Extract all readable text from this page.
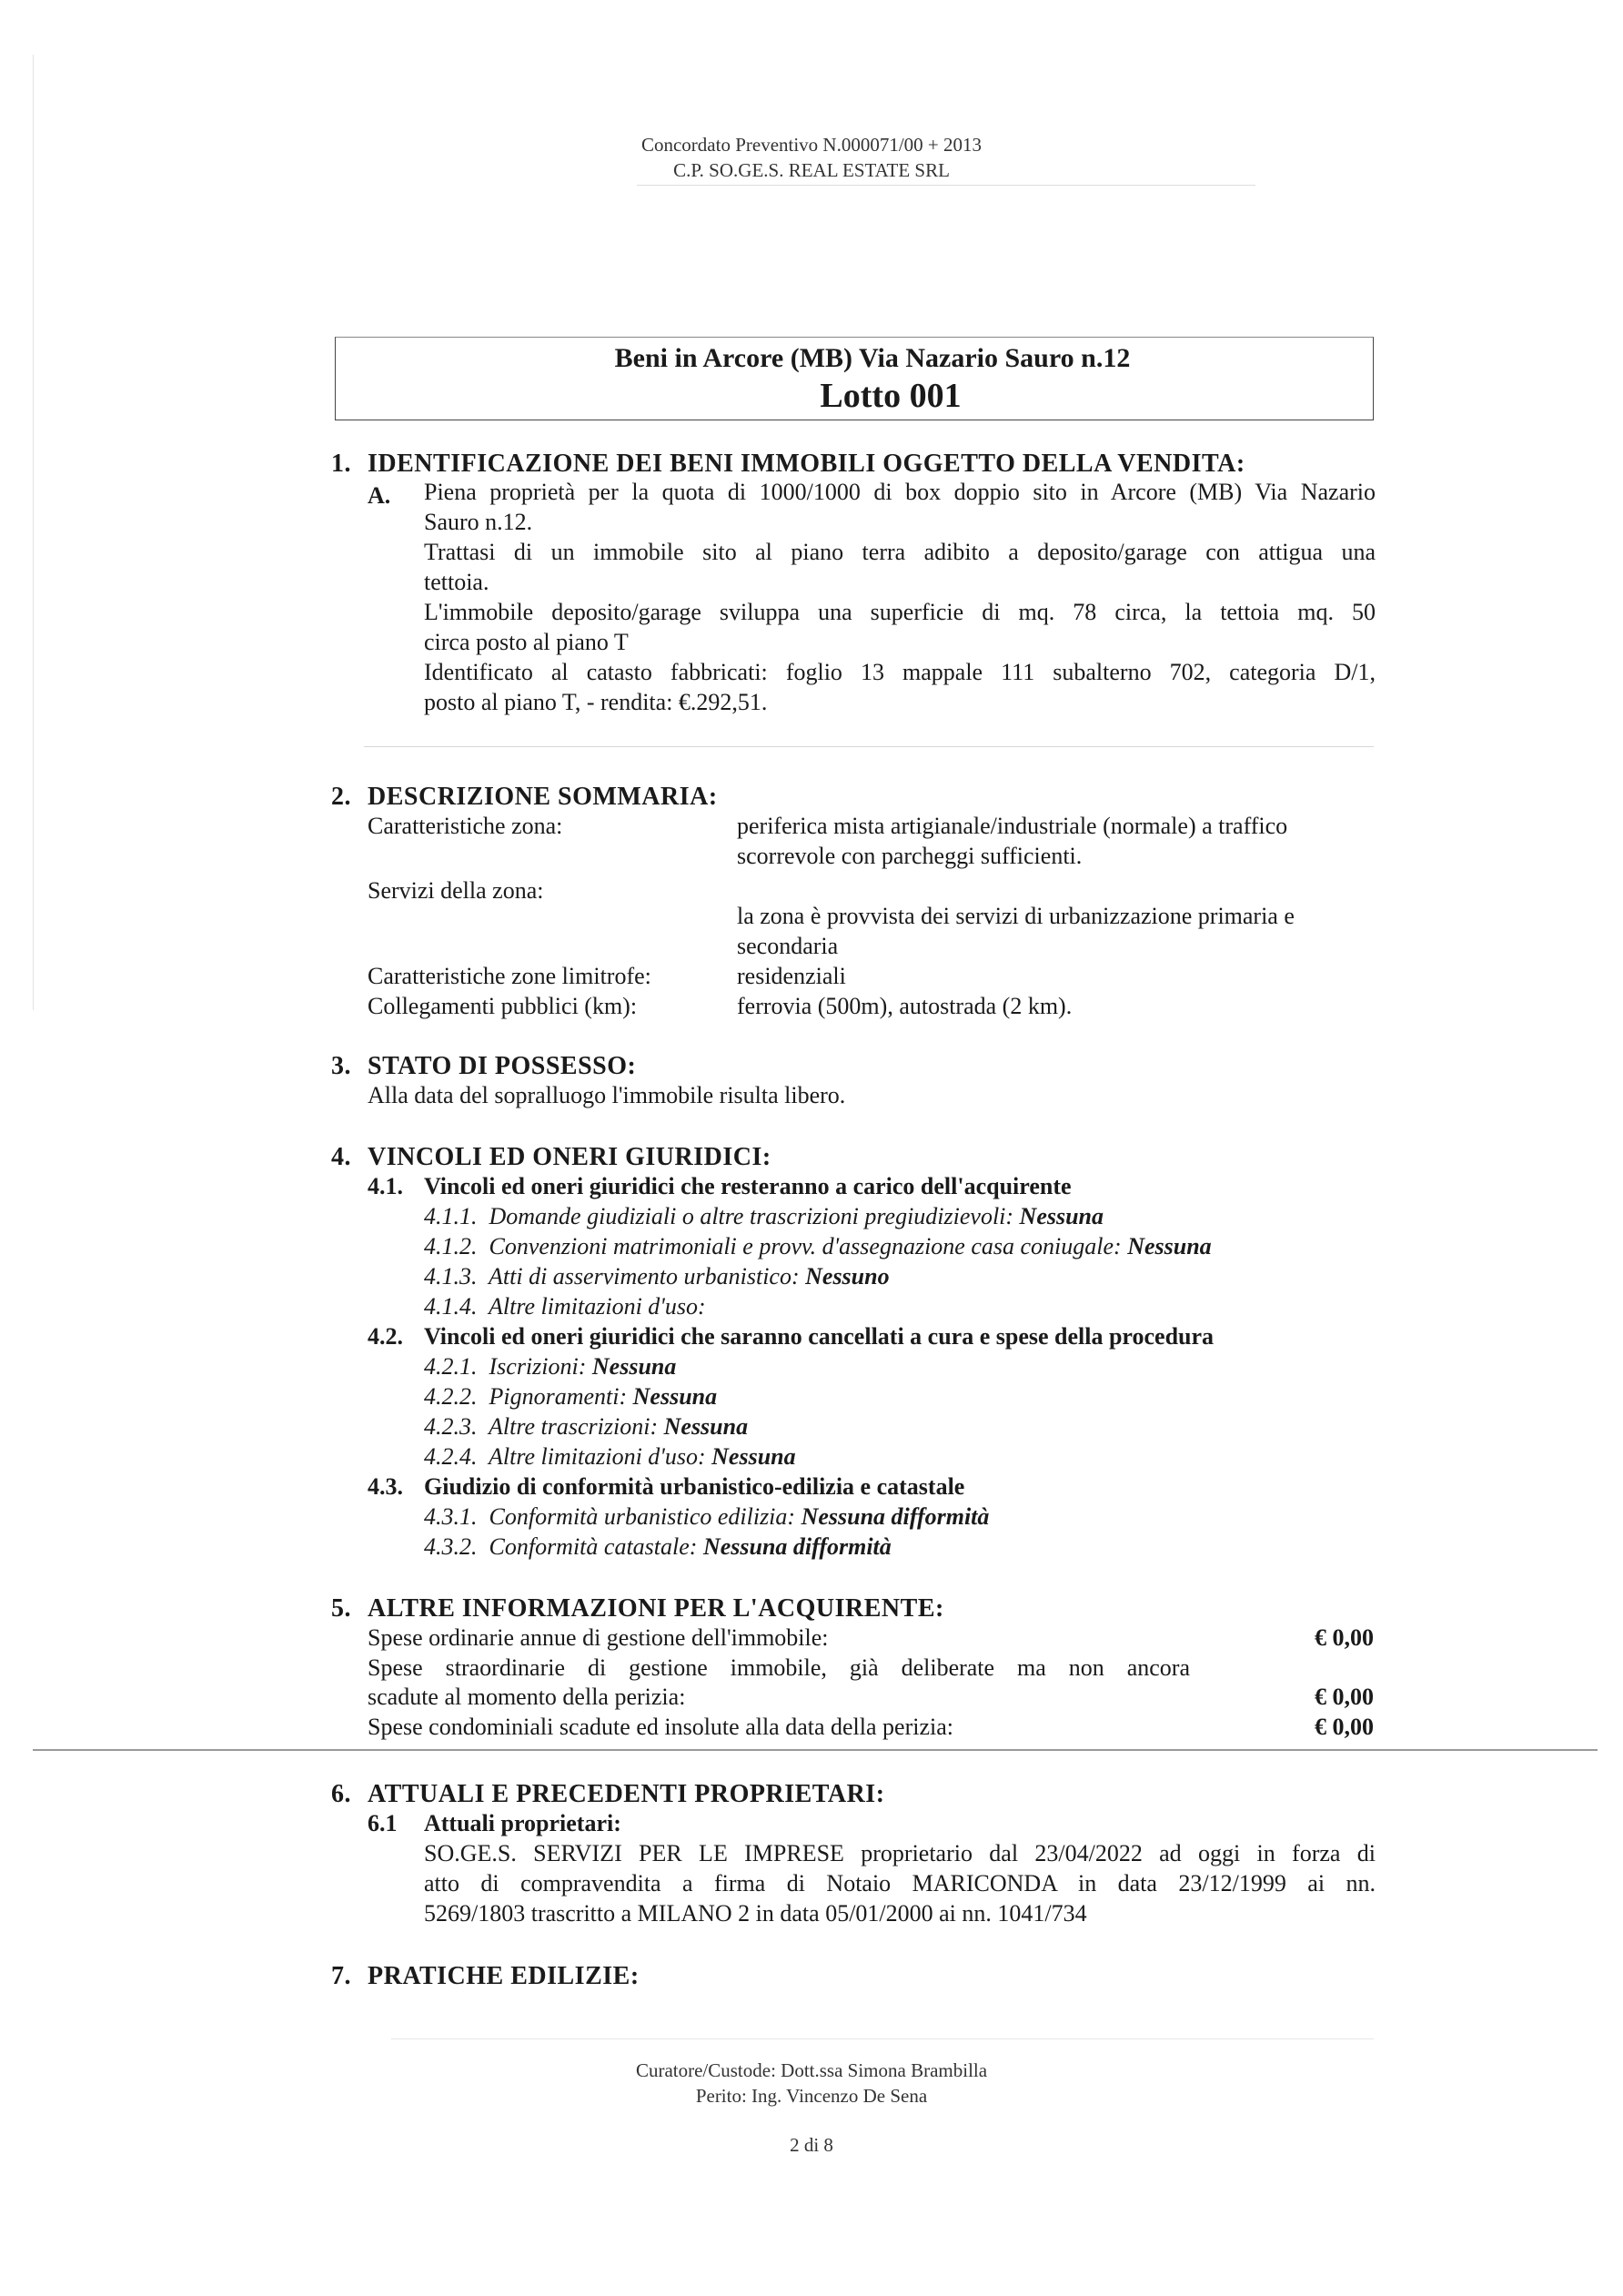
Concordato Preventivo N.000071/00 + 2013
C.P. SO.GE.S. REAL ESTATE SRL
Beni in Arcore (MB) Via Nazario Sauro n.12
Lotto 001
1. IDENTIFICAZIONE DEI BENI IMMOBILI OGGETTO DELLA VENDITA:
A. Piena proprietà per la quota di 1000/1000 di box doppio sito in Arcore (MB) Via Nazario
Sauro n.12.
Trattasi di un immobile sito al piano terra adibito a deposito/garage con attigua una
tettoia.
L'immobile deposito/garage sviluppa una superficie di mq. 78 circa, la tettoia mq. 50
circa posto al piano T
Identificato al catasto fabbricati: foglio 13 mappale 111 subalterno 702, categoria D/1,
posto al piano T, - rendita: €.292,51.
2. DESCRIZIONE SOMMARIA:
Caratteristiche zona:	periferica mista artigianale/industriale (normale) a traffico
scorrevole con parcheggi sufficienti.
Servizi della zona:
la zona è provvista dei servizi di urbanizzazione primaria e
secondaria
Caratteristiche zone limitrofe:	residenziali
Collegamenti pubblici (km):	ferrovia (500m), autostrada (2 km).
3. STATO DI POSSESSO:
Alla data del sopralluogo l'immobile risulta libero.
4. VINCOLI ED ONERI GIURIDICI:
4.1. Vincoli ed oneri giuridici che resteranno a carico dell'acquirente
4.1.1. Domande giudiziali o altre trascrizioni pregiudizievoli: Nessuna
4.1.2. Convenzioni matrimoniali e provv. d'assegnazione casa coniugale: Nessuna
4.1.3. Atti di asservimento urbanistico: Nessuno
4.1.4. Altre limitazioni d'uso:
4.2. Vincoli ed oneri giuridici che saranno cancellati a cura e spese della procedura
4.2.1. Iscrizioni: Nessuna
4.2.2. Pignoramenti: Nessuna
4.2.3. Altre trascrizioni: Nessuna
4.2.4. Altre limitazioni d'uso: Nessuna
4.3. Giudizio di conformità urbanistico-edilizia e catastale
4.3.1. Conformità urbanistico edilizia: Nessuna difformità
4.3.2. Conformità catastale: Nessuna difformità
5. ALTRE INFORMAZIONI PER L'ACQUIRENTE:
Spese ordinarie annue di gestione dell'immobile:	€ 0,00
Spese straordinarie di gestione immobile, già deliberate ma non ancora
scadute al momento della perizia:	€ 0,00
Spese condominiali scadute ed insolute alla data della perizia:	€ 0,00
6. ATTUALI E PRECEDENTI PROPRIETARI:
6.1 Attuali proprietari:
SO.GE.S. SERVIZI PER LE IMPRESE proprietario dal 23/04/2022 ad oggi in forza di
atto di compravendita a firma di Notaio MARICONDA in data 23/12/1999 ai nn.
5269/1803 trascritto a MILANO 2 in data 05/01/2000 ai nn. 1041/734
7. PRATICHE EDILIZIE:
Curatore/Custode: Dott.ssa Simona Brambilla
Perito: Ing. Vincenzo De Sena
2 di 8
